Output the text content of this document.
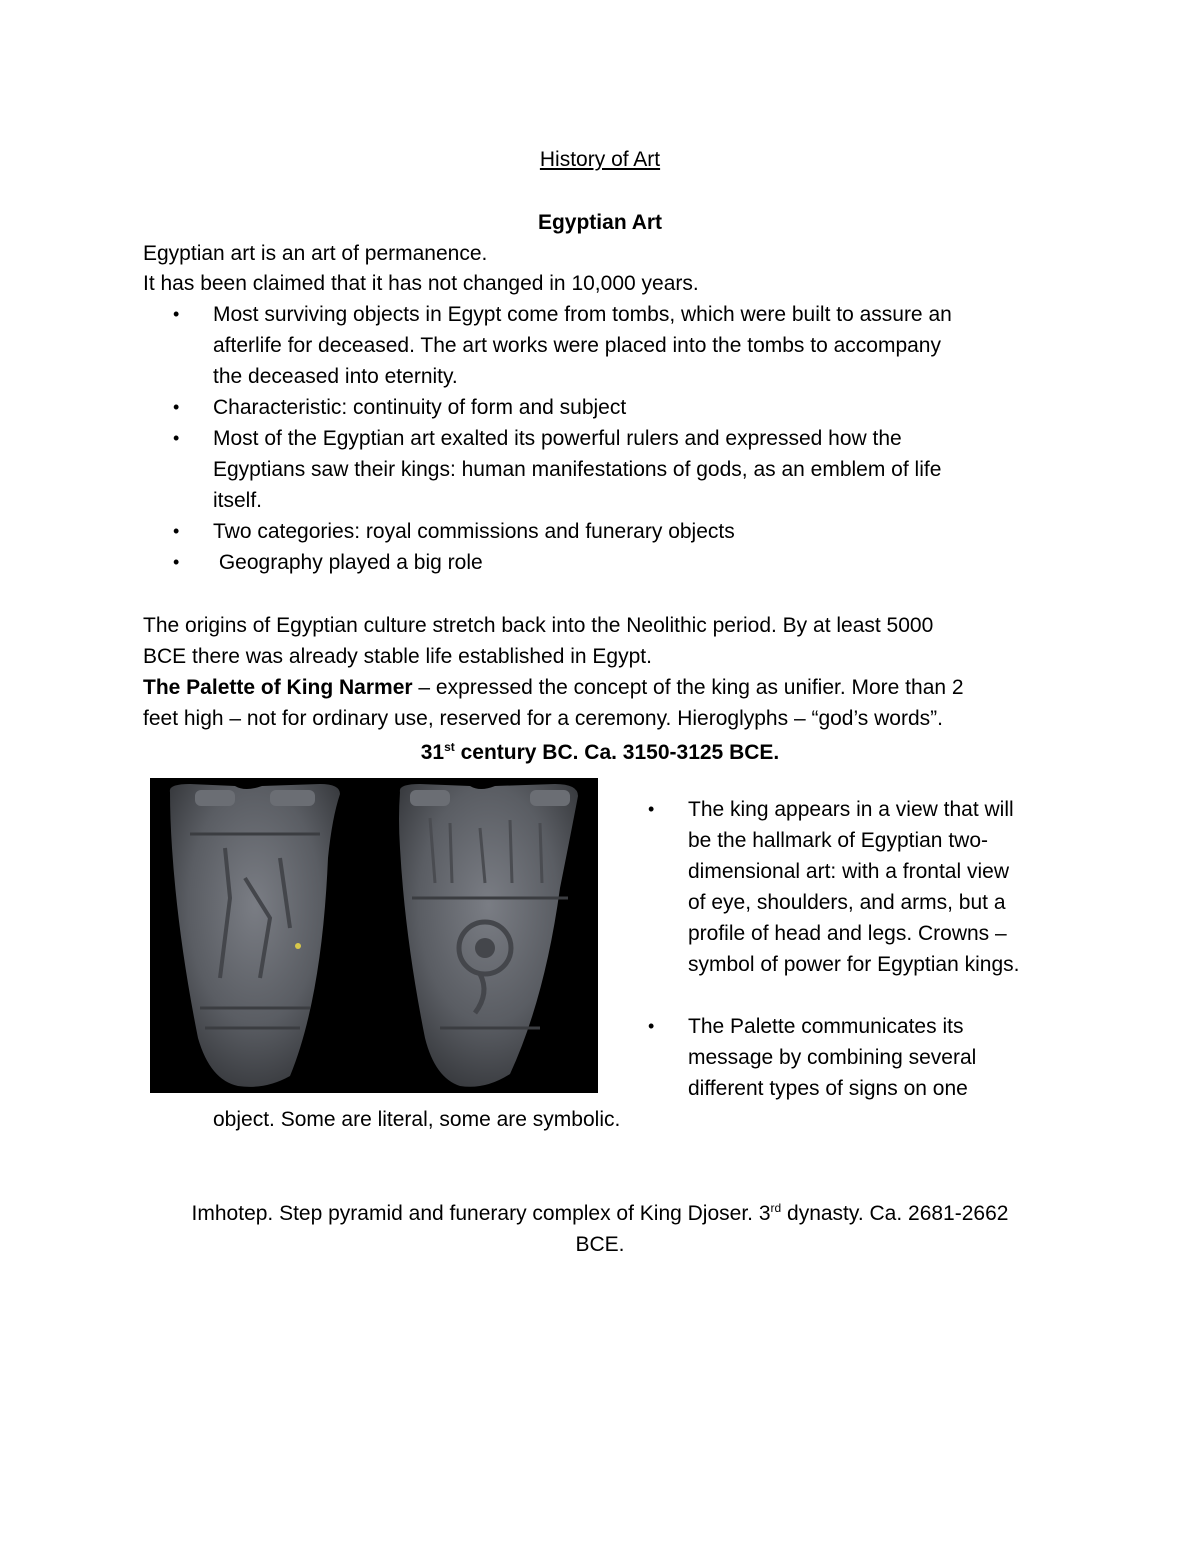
History of Art
Egyptian Art
Egyptian art is an art of permanence.
It has been claimed that it has not changed in 10,000 years.
• Most surviving objects in Egypt come from tombs, which were built to assure an
afterlife for deceased. The art works were placed into the tombs to accompany
the deceased into eternity.
• Characteristic: continuity of form and subject
• Most of the Egyptian art exalted its powerful rulers and expressed how the
Egyptians saw their kings: human manifestations of gods, as an emblem of life
itself.
• Two categories: royal commissions and funerary objects
• Geography played a big role
The origins of Egyptian culture stretch back into the Neolithic period. By at least 5000
BCE there was already stable life established in Egypt.
The Palette of King Narmer – expressed the concept of the king as unifier. More than 2
feet high – not for ordinary use, reserved for a ceremony. Hieroglyphs – “god’s words”.
31st century BC. Ca. 3150-3125 BCE.
• The king appears in a view that will
be the hallmark of Egyptian two-
dimensional art: with a frontal view
of eye, shoulders, and arms, but a
profile of head and legs. Crowns –
symbol of power for Egyptian kings.
• The Palette communicates its
message by combining several
different types of signs on one
object. Some are literal, some are symbolic.
Imhotep. Step pyramid and funerary complex of King Djoser. 3rd dynasty. Ca. 2681-2662
BCE.
